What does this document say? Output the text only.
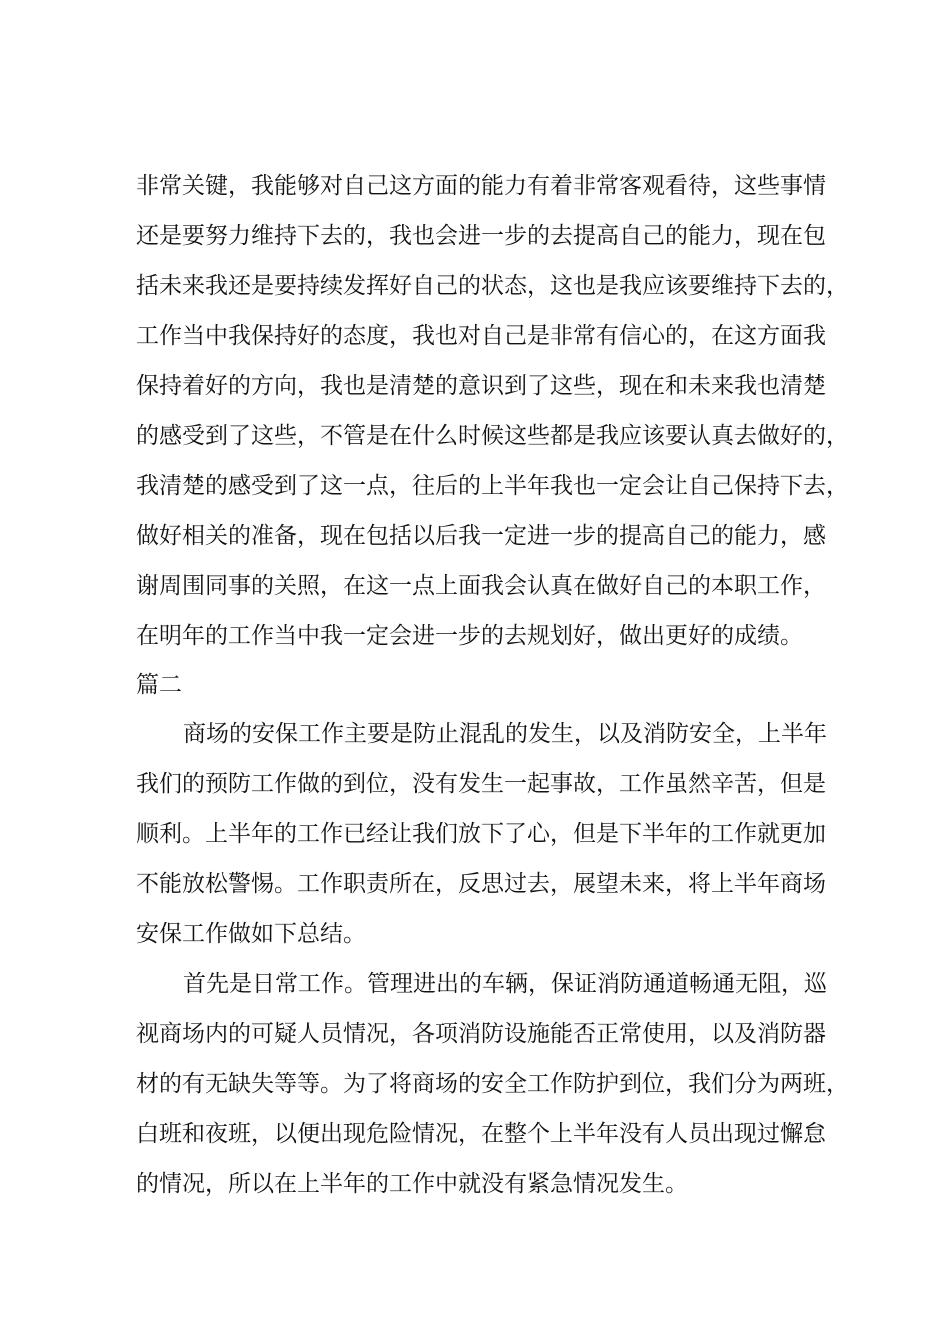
非常关键，我能够对自己这方面的能力有着非常客观看待，这些事情
还是要努力维持下去的，我也会进一步的去提高自己的能力，现在包
括未来我还是要持续发挥好自己的状态，这也是我应该要维持下去的，
工作当中我保持好的态度，我也对自己是非常有信心的，在这方面我
保持着好的方向，我也是清楚的意识到了这些，现在和未来我也清楚
的感受到了这些，不管是在什么时候这些都是我应该要认真去做好的，
我清楚的感受到了这一点，往后的上半年我也一定会让自己保持下去，
做好相关的准备，现在包括以后我一定进一步的提高自己的能力，感
谢周围同事的关照，在这一点上面我会认真在做好自己的本职工作，
在明年的工作当中我一定会进一步的去规划好，做出更好的成绩。
篇二
商场的安保工作主要是防止混乱的发生，以及消防安全，上半年
我们的预防工作做的到位，没有发生一起事故，工作虽然辛苦，但是
顺利。上半年的工作已经让我们放下了心，但是下半年的工作就更加
不能放松警惕。工作职责所在，反思过去，展望未来，将上半年商场
安保工作做如下总结。
首先是日常工作。管理进出的车辆，保证消防通道畅通无阻，巡
视商场内的可疑人员情况，各项消防设施能否正常使用，以及消防器
材的有无缺失等等。为了将商场的安全工作防护到位，我们分为两班，
白班和夜班，以便出现危险情况，在整个上半年没有人员出现过懈怠
的情况，所以在上半年的工作中就没有紧急情况发生。
